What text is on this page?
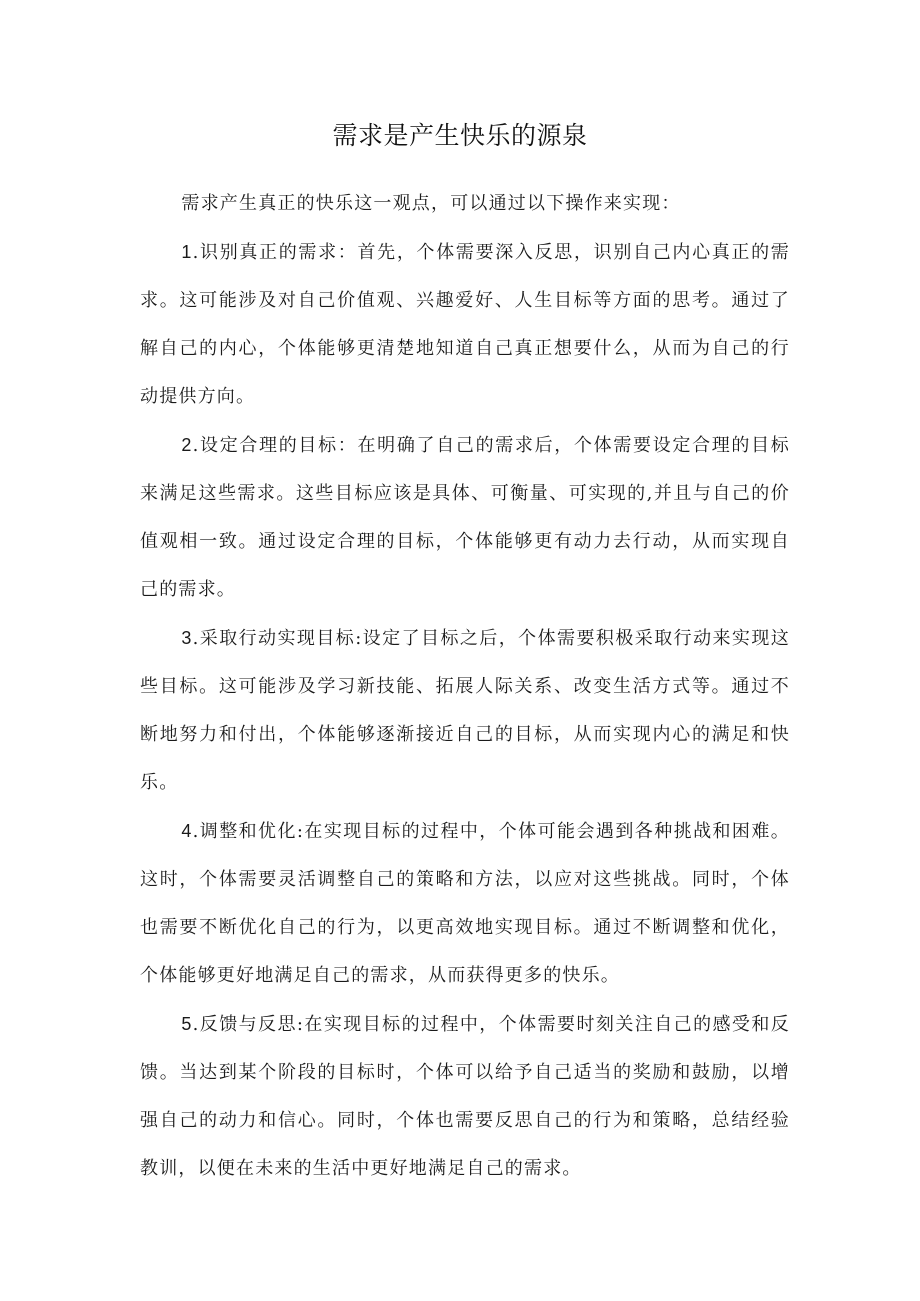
需求是产生快乐的源泉

需求产生真正的快乐这一观点，可以通过以下操作来实现：

1.识别真正的需求：首先，个体需要深入反思，识别自己内心真正的需求。这可能涉及对自己价值观、兴趣爱好、人生目标等方面的思考。通过了解自己的内心，个体能够更清楚地知道自己真正想要什么，从而为自己的行动提供方向。

2.设定合理的目标：在明确了自己的需求后，个体需要设定合理的目标来满足这些需求。这些目标应该是具体、可衡量、可实现的,并且与自己的价值观相一致。通过设定合理的目标，个体能够更有动力去行动，从而实现自己的需求。

3.采取行动实现目标:设定了目标之后，个体需要积极采取行动来实现这些目标。这可能涉及学习新技能、拓展人际关系、改变生活方式等。通过不断地努力和付出，个体能够逐渐接近自己的目标，从而实现内心的满足和快乐。

4.调整和优化:在实现目标的过程中，个体可能会遇到各种挑战和困难。这时，个体需要灵活调整自己的策略和方法，以应对这些挑战。同时，个体也需要不断优化自己的行为，以更高效地实现目标。通过不断调整和优化，个体能够更好地满足自己的需求，从而获得更多的快乐。

5.反馈与反思:在实现目标的过程中，个体需要时刻关注自己的感受和反馈。当达到某个阶段的目标时，个体可以给予自己适当的奖励和鼓励，以增强自己的动力和信心。同时，个体也需要反思自己的行为和策略，总结经验教训，以便在未来的生活中更好地满足自己的需求。
